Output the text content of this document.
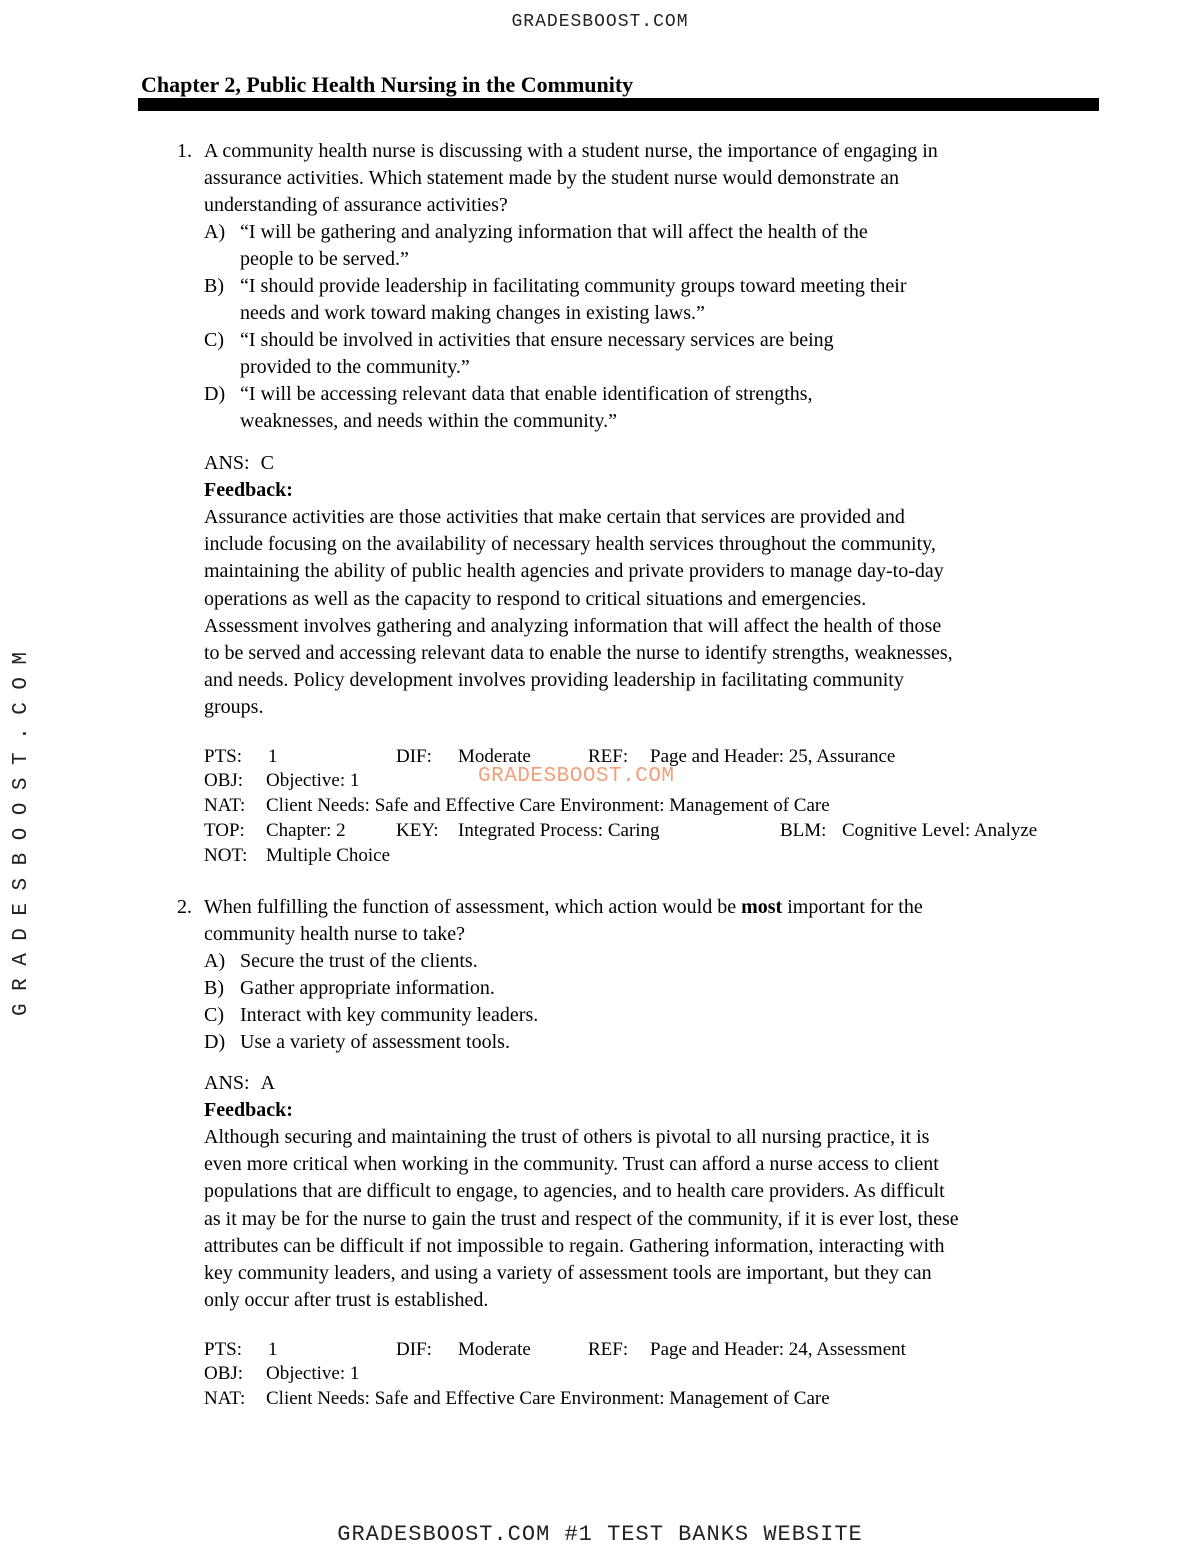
GRADESBOOST.COM
GRADESBOOST.COM	GRADESBOOST.COM
GRADESBOOST.COM #1 TEST BANKS WEBSITE
Chapter 2, Public Health Nursing in the Community
1. A community health nurse is discussing with a student nurse, the importance of engaging in
assurance activities. Which statement made by the student nurse would demonstrate an
understanding of assurance activities?
A) “I will be gathering and analyzing information that will affect the health of the
people to be served.”
B) “I should provide leadership in facilitating community groups toward meeting their
needs and work toward making changes in existing laws.”
C) “I should be involved in activities that ensure necessary services are being
provided to the community.”
D) “I will be accessing relevant data that enable identification of strengths,
weaknesses, and needs within the community.”
ANS: C
Feedback:
Assurance activities are those activities that make certain that services are provided and
include focusing on the availability of necessary health services throughout the community,
maintaining the ability of public health agencies and private providers to manage day-to-day
operations as well as the capacity to respond to critical situations and emergencies.
Assessment involves gathering and analyzing information that will affect the health of those
to be served and accessing relevant data to enable the nurse to identify strengths, weaknesses,
and needs. Policy development involves providing leadership in facilitating community
groups.
PTS: 1	DIF: Moderate	REF: Page and Header: 25, Assurance
OBJ: Objective: 1
NAT: Client Needs: Safe and Effective Care Environment: Management of Care
TOP: Chapter: 2	KEY: Integrated Process: Caring	BLM: Cognitive Level: Analyze
NOT: Multiple Choice
2. When fulfilling the function of assessment, which action would be most important for the
community health nurse to take?
A) Secure the trust of the clients.
B) Gather appropriate information.
C) Interact with key community leaders.
D) Use a variety of assessment tools.
ANS: A
Feedback:
Although securing and maintaining the trust of others is pivotal to all nursing practice, it is
even more critical when working in the community. Trust can afford a nurse access to client
populations that are difficult to engage, to agencies, and to health care providers. As difficult
as it may be for the nurse to gain the trust and respect of the community, if it is ever lost, these
attributes can be difficult if not impossible to regain. Gathering information, interacting with
key community leaders, and using a variety of assessment tools are important, but they can
only occur after trust is established.
PTS: 1	DIF: Moderate	REF: Page and Header: 24, Assessment
OBJ: Objective: 1
NAT: Client Needs: Safe and Effective Care Environment: Management of Care
